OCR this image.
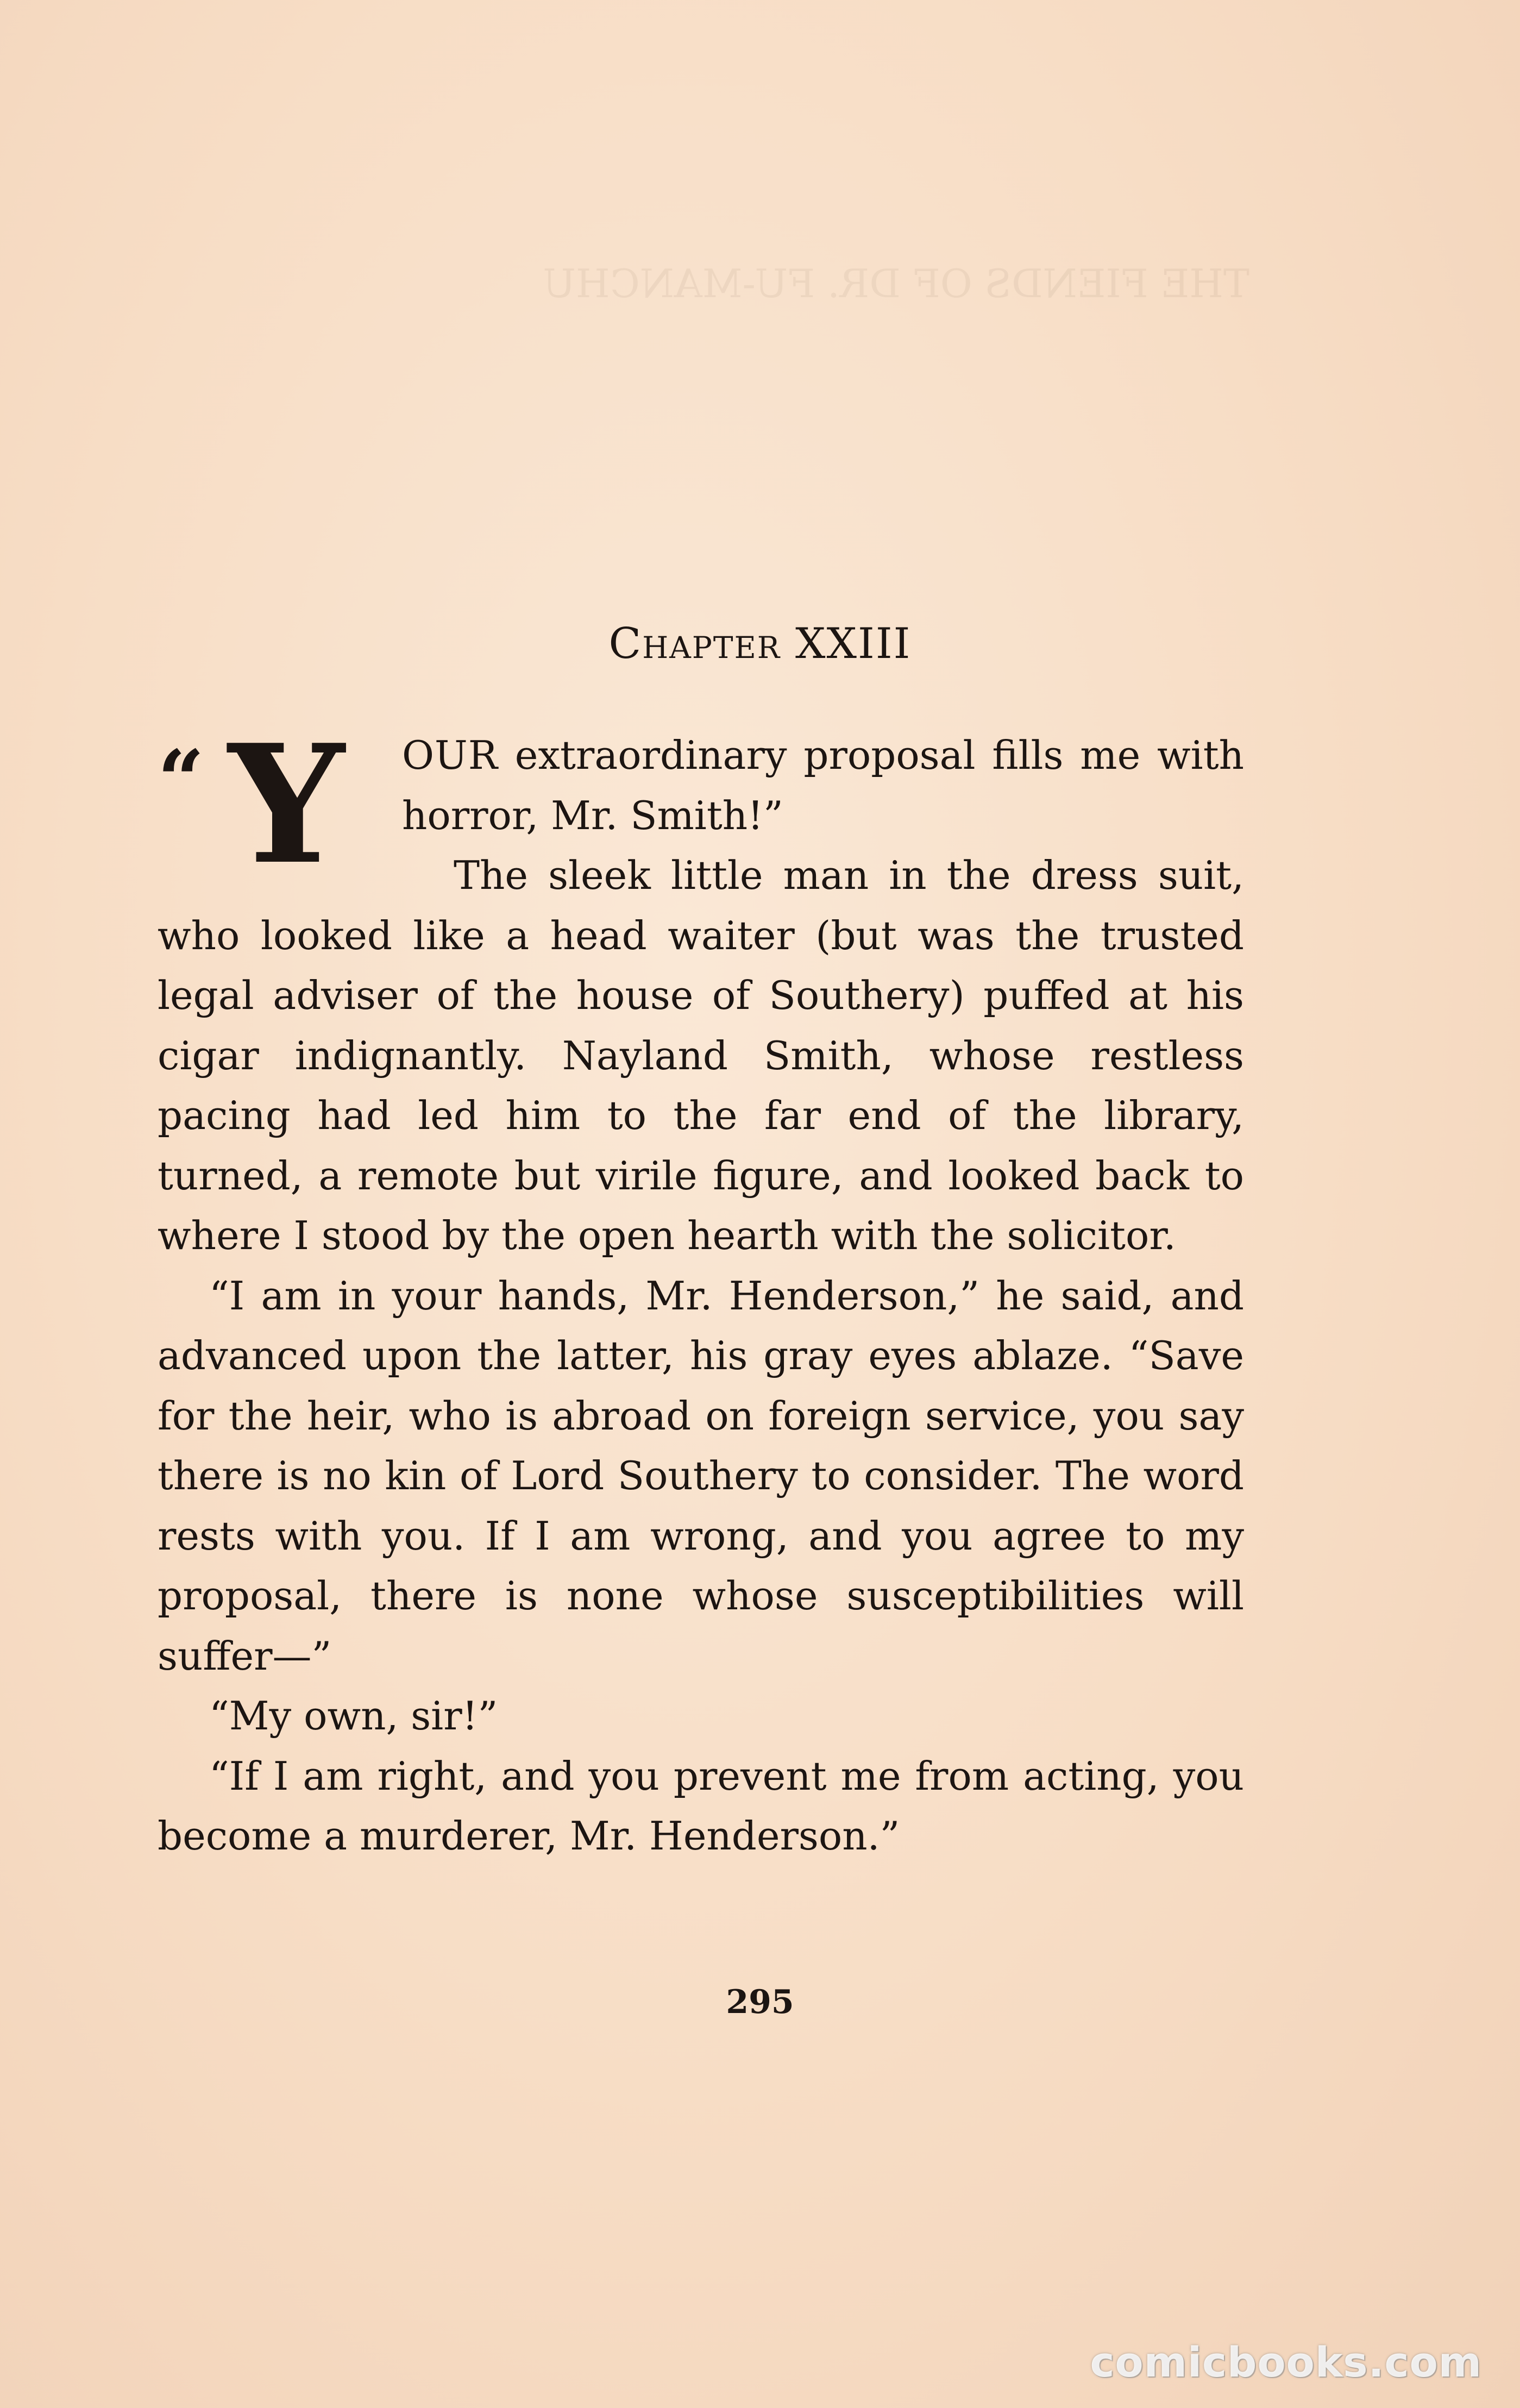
THE FIENDS OF DR. FU-MANCHU
Chapter XXIII

“ Y OUR extraordinary proposal fills me with horror, Mr. Smith!”

The sleek little man in the dress suit, who looked like a head waiter (but was the trusted legal adviser of the house of Southery) puffed at his cigar indignantly. Nayland Smith, whose restless pacing had led him to the far end of the library, turned, a remote but virile figure, and looked back to where I stood by the open hearth with the solicitor.

“I am in your hands, Mr. Henderson,” he said, and advanced upon the latter, his gray eyes ablaze. “Save for the heir, who is abroad on foreign service, you say there is no kin of Lord Southery to consider. The word rests with you. If I am wrong, and you agree to my proposal, there is none whose susceptibilities will suffer—”

“My own, sir!”

“If I am right, and you prevent me from acting, you become a murderer, Mr. Henderson.”

295
comicbooks.com
